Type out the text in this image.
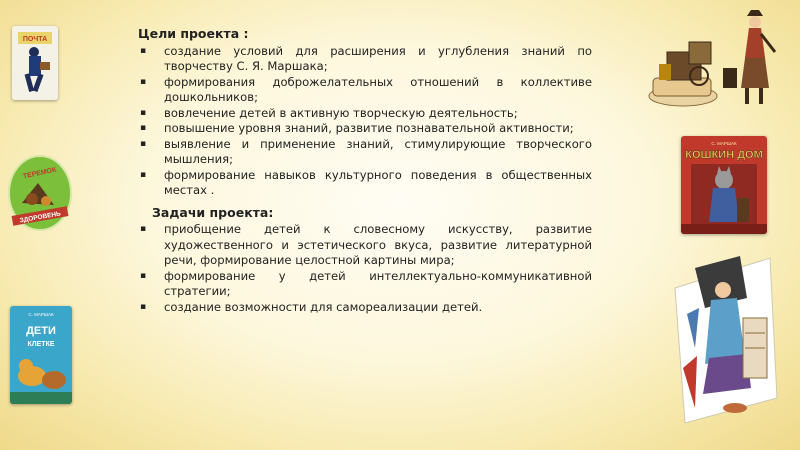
ПОЧТА
ТЕРЕМОК
ЗДОРОВЕНЬ
С. МАРШАК
ДЕТИ
КЛЕТКЕ
Цели проекта :
▪ создание условий для расширения и углубления знаний по творчеству С. Я. Маршака;
▪ формирования доброжелательных отношений в коллективе дошкольников;
▪ вовлечение детей в активную творческую деятельность;
▪ повышение уровня знаний, развитие познавательной активности;
▪ выявление и применение знаний, стимулирующие творческого мышления;
▪ формирование навыков культурного поведения в общественных местах .
Задачи проекта:
▪ приобщение детей к словесному искусству, развитие художественного и эстетического вкуса, развитие литературной речи, формирование целостной картины мира;
▪ формирование у детей интеллектуально-коммуникативной стратегии;
▪ создание возможности для самореализации детей.
С. МАРШАК
КОШКИН ДОМ
